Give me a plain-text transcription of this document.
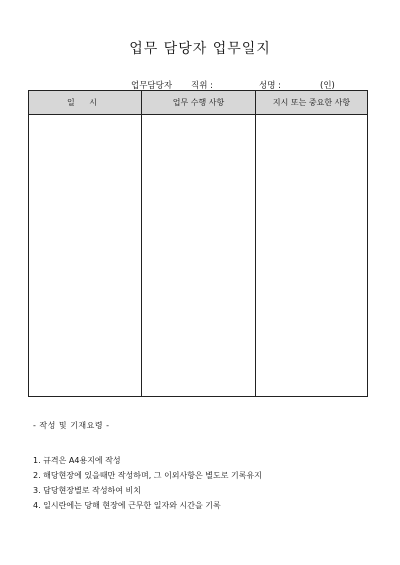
업무 담당자 업무일지
업무담당자 직위 :	성명 :	(인)
일 시	업무 수행 사항	지시 또는 중요한 사항
- 작성 및 기재요령 -
1. 규격은 A4용지에 작성
2. 해당현장에 있을때만 작성하며, 그 이외사항은 별도로 기록유지
3. 담당현장별로 작성하여 비치
4. 일시란에는 당해 현장에 근무한 일자와 시간을 기록
